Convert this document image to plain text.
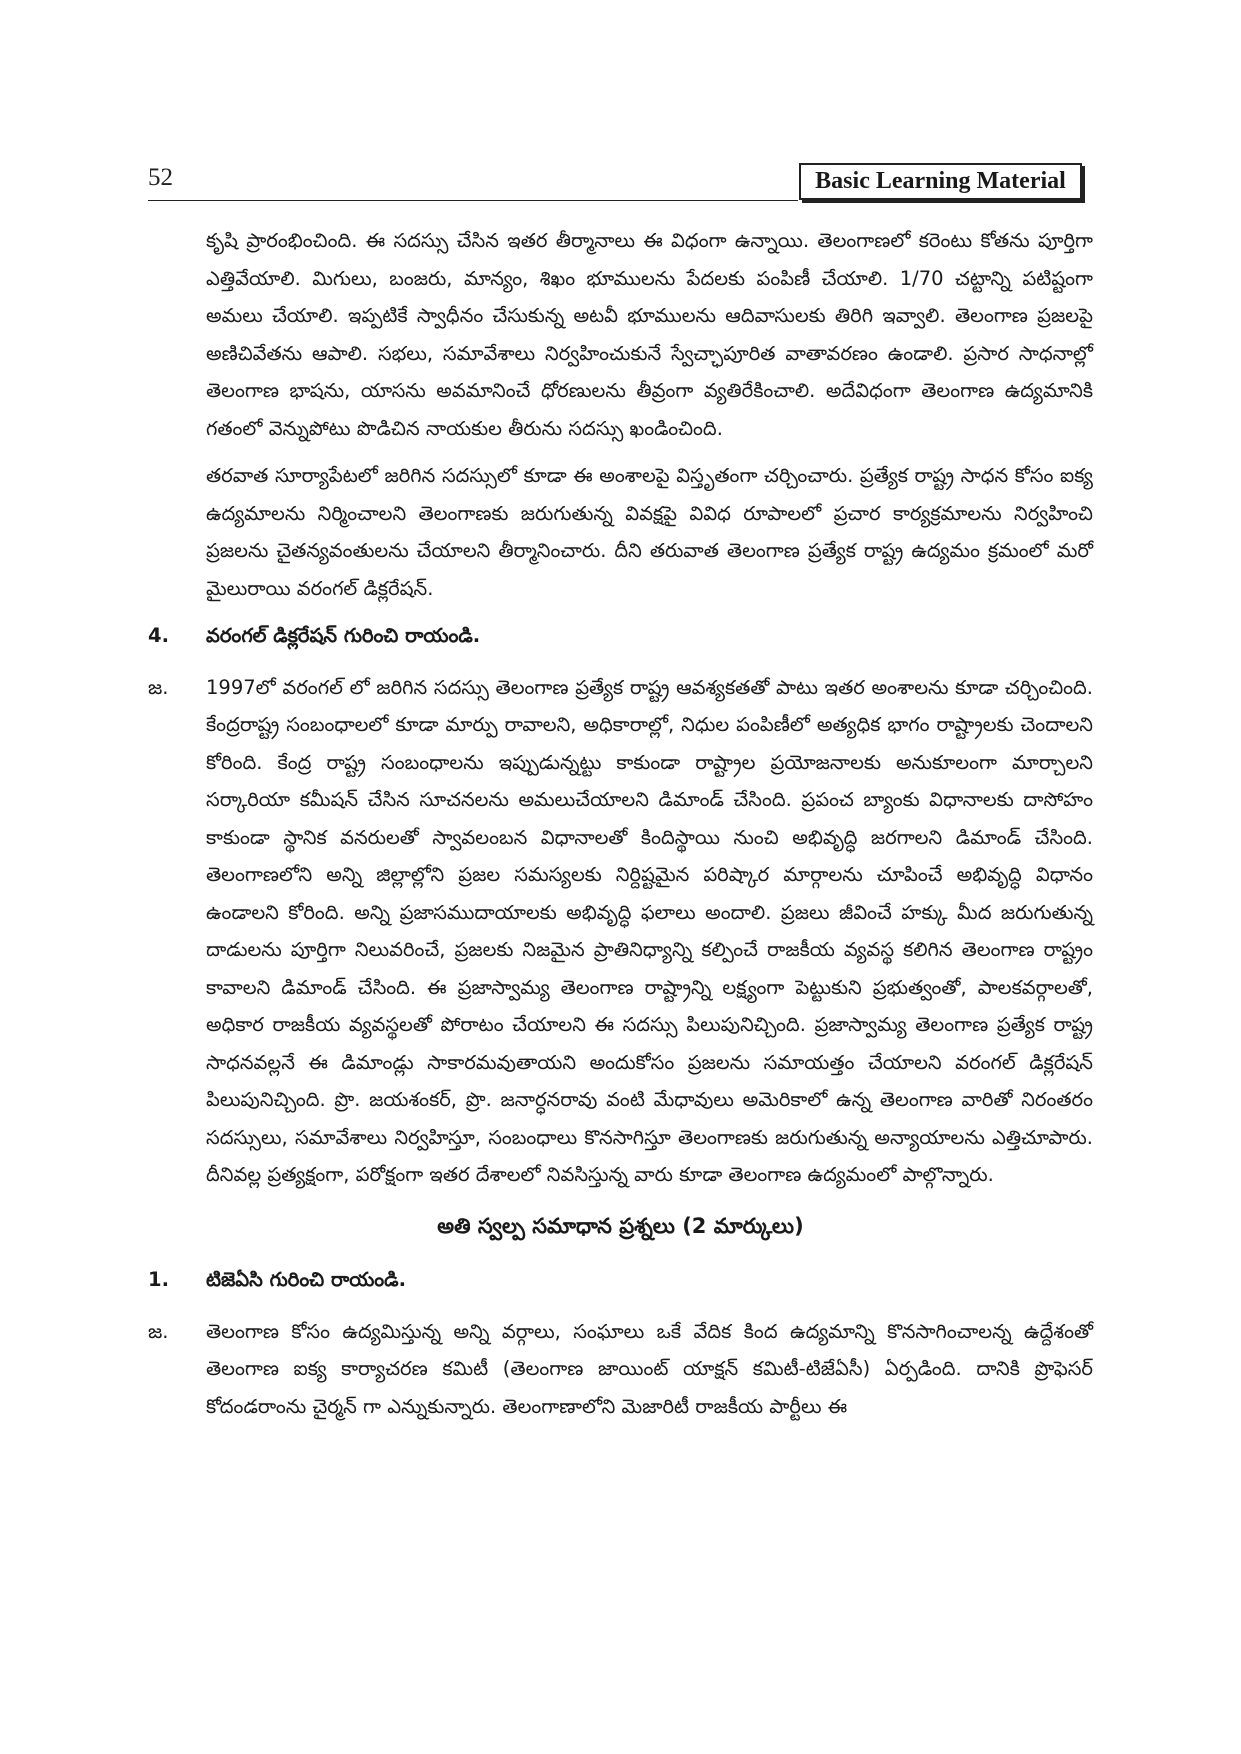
52	Basic Learning Material

కృషి ప్రారంభించింది. ఈ సదస్సు చేసిన ఇతర తీర్మానాలు ఈ విధంగా ఉన్నాయి. తెలంగాణలో కరెంటు కోతను పూర్తిగా ఎత్తివేయాలి. మిగులు, బంజరు, మాన్యం, శిఖం భూములను పేదలకు పంపిణీ చేయాలి. 1/70 చట్టాన్ని పటిష్టంగా అమలు చేయాలి. ఇప్పటికే స్వాధీనం చేసుకున్న అటవీ భూములను ఆదివాసులకు తిరిగి ఇవ్వాలి. తెలంగాణ ప్రజలపై అణిచివేతను ఆపాలి. సభలు, సమావేశాలు నిర్వహించుకునే స్వేచ్ఛాపూరిత వాతావరణం ఉండాలి. ప్రసార సాధనాల్లో తెలంగాణ భాషను, యాసను అవమానించే ధోరణులను తీవ్రంగా వ్యతిరేకించాలి. అదేవిధంగా తెలంగాణ ఉద్యమానికి గతంలో వెన్నుపోటు పొడిచిన నాయకుల తీరును సదస్సు ఖండించింది.

తరవాత సూర్యాపేటలో జరిగిన సదస్సులో కూడా ఈ అంశాలపై విస్తృతంగా చర్చించారు. ప్రత్యేక రాష్ట్ర సాధన కోసం ఐక్య ఉద్యమాలను నిర్మించాలని తెలంగాణకు జరుగుతున్న వివక్షపై వివిధ రూపాలలో ప్రచార కార్యక్రమాలను నిర్వహించి ప్రజలను చైతన్యవంతులను చేయాలని తీర్మానించారు. దీని తరువాత తెలంగాణ ప్రత్యేక రాష్ట్ర ఉద్యమం క్రమంలో మరో మైలురాయి వరంగల్ డిక్లరేషన్.

4. వరంగల్ డిక్లరేషన్ గురించి రాయండి.
జ. 1997లో వరంగల్ లో జరిగిన సదస్సు తెలంగాణ ప్రత్యేక రాష్ట్ర ఆవశ్యకతతో పాటు ఇతర అంశాలను కూడా చర్చించింది. కేంద్రరాష్ట్ర సంబంధాలలో కూడా మార్పు రావాలని, అధికారాల్లో, నిధుల పంపిణీలో అత్యధిక భాగం రాష్ట్రాలకు చెందాలని కోరింది. కేంద్ర రాష్ట్ర సంబంధాలను ఇప్పుడున్నట్టు కాకుండా రాష్ట్రాల ప్రయోజనాలకు అనుకూలంగా మార్చాలని సర్కారియా కమీషన్ చేసిన సూచనలను అమలుచేయాలని డిమాండ్ చేసింది. ప్రపంచ బ్యాంకు విధానాలకు దాసోహం కాకుండా స్థానిక వనరులతో స్వావలంబన విధానాలతో కిందిస్థాయి నుంచి అభివృద్ధి జరగాలని డిమాండ్ చేసింది. తెలంగాణలోని అన్ని జిల్లాల్లోని ప్రజల సమస్యలకు నిర్దిష్టమైన పరిష్కార మార్గాలను చూపించే అభివృద్ధి విధానం ఉండాలని కోరింది. అన్ని ప్రజాసముదాయాలకు అభివృద్ధి ఫలాలు అందాలి. ప్రజలు జీవించే హక్కు మీద జరుగుతున్న దాడులను పూర్తిగా నిలువరించే, ప్రజలకు నిజమైన ప్రాతినిధ్యాన్ని కల్పించే రాజకీయ వ్యవస్థ కలిగిన తెలంగాణ రాష్ట్రం కావాలని డిమాండ్ చేసింది. ఈ ప్రజాస్వామ్య తెలంగాణ రాష్ట్రాన్ని లక్ష్యంగా పెట్టుకుని ప్రభుత్వంతో, పాలకవర్గాలతో, అధికార రాజకీయ వ్యవస్థలతో పోరాటం చేయాలని ఈ సదస్సు పిలుపునిచ్చింది. ప్రజాస్వామ్య తెలంగాణ ప్రత్యేక రాష్ట్ర సాధనవల్లనే ఈ డిమాండ్లు సాకారమవుతాయని అందుకోసం ప్రజలను సమాయత్తం చేయాలని వరంగల్ డిక్లరేషన్ పిలుపునిచ్చింది. ప్రొ. జయశంకర్, ప్రొ. జనార్ధనరావు వంటి మేధావులు అమెరికాలో ఉన్న తెలంగాణ వారితో నిరంతరం సదస్సులు, సమావేశాలు నిర్వహిస్తూ, సంబంధాలు కొనసాగిస్తూ తెలంగాణకు జరుగుతున్న అన్యాయాలను ఎత్తిచూపారు. దీనివల్ల ప్రత్యక్షంగా, పరోక్షంగా ఇతర దేశాలలో నివసిస్తున్న వారు కూడా తెలంగాణ ఉద్యమంలో పాల్గొన్నారు.
అతి స్వల్ప సమాధాన ప్రశ్నలు (2 మార్కులు)
1. టిజెఏసి గురించి రాయండి.
జ. తెలంగాణ కోసం ఉద్యమిస్తున్న అన్ని వర్గాలు, సంఘాలు ఒకే వేదిక కింద ఉద్యమాన్ని కొనసాగించాలన్న ఉద్దేశంతో తెలంగాణ ఐక్య కార్యాచరణ కమిటీ (తెలంగాణ జాయింట్ యాక్షన్ కమిటీ-టిజేఏసీ) ఏర్పడింది. దానికి ప్రొఫెసర్ కోదండరాంను చైర్మన్ గా ఎన్నుకున్నారు. తెలంగాణాలోని మెజారిటీ రాజకీయ పార్టీలు ఈ
